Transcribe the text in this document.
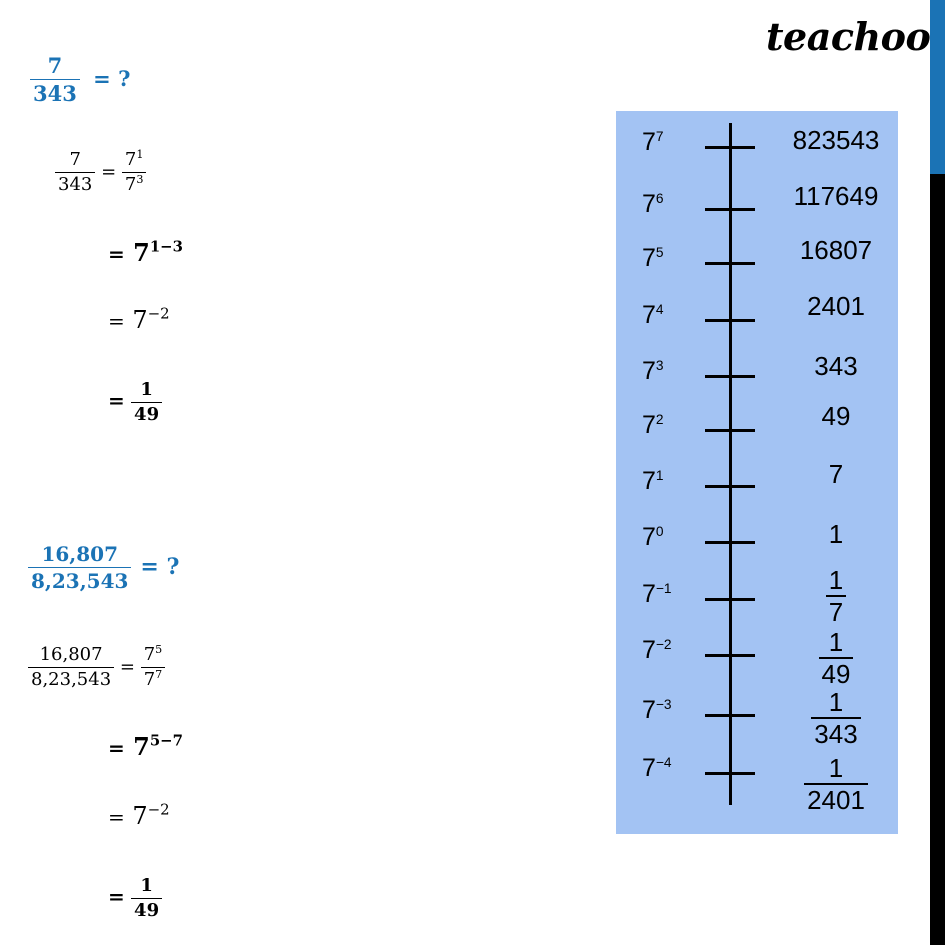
teachoo
$\frac{7}{343}$ = ?
$\frac{7}{343} = \frac{7^1}{7^3}$
= $7^{1-3}$
= $7^{-2}$
= $\frac{1}{49}$
$\frac{16,807}{8,23,543}$ = ?
$\frac{16,807}{8,23,543} = \frac{7^5}{7^7}$
= $7^{5-7}$
= $7^{-2}$
= $\frac{1}{49}$
$7^7$	823543
$7^6$	117649
$7^5$	16807
$7^4$	2401
$7^3$	343
$7^2$	49
$7^1$	7
$7^0$	1
$7^{-1}$	$\frac{1}{7}$
$7^{-2}$	$\frac{1}{49}$
$7^{-3}$	$\frac{1}{343}$
$7^{-4}$	$\frac{1}{2401}$
